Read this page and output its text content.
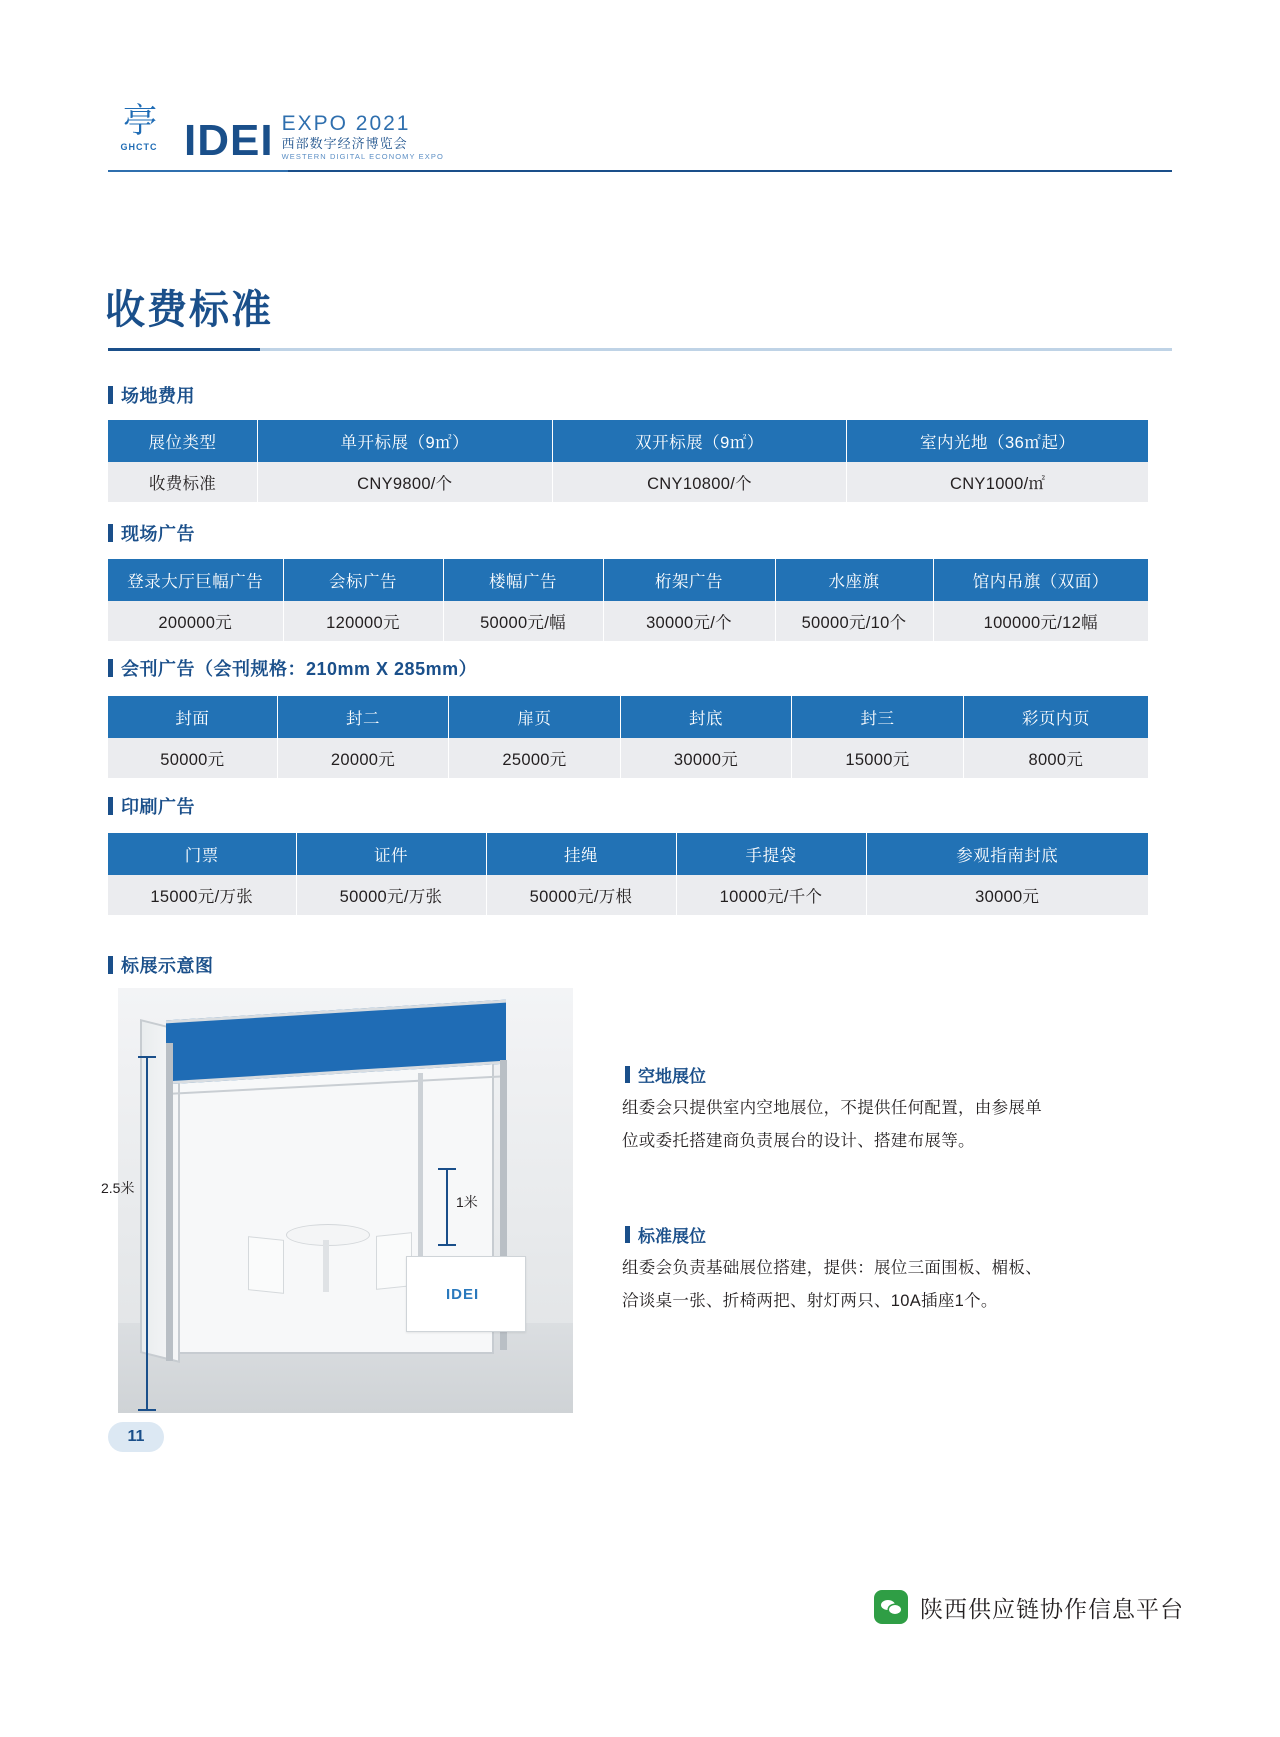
亭
GHCTC IDEI EXPO 2021
西部数字经济博览会
WESTERN DIGITAL ECONOMY EXPO
收费标准
场地费用
展位类型	单开标展（9㎡）	双开标展（9㎡）	室内光地（36㎡起）
收费标准	CNY9800/个	CNY10800/个	CNY1000/㎡
现场广告
登录大厅巨幅广告	会标广告	楼幅广告	桁架广告	水座旗	馆内吊旗（双面）
200000元	120000元	50000元/幅	30000元/个	50000元/10个	100000元/12幅
会刊广告（会刊规格：210mm X 285mm）
封面	封二	扉页	封底	封三	彩页内页
50000元	20000元	25000元	30000元	15000元	8000元
印刷广告
门票	证件	挂绳	手提袋	参观指南封底
15000元/万张	50000元/万张	50000元/万根	10000元/千个	30000元
标展示意图
IDEI
2.5米
1米
空地展位
组委会只提供室内空地展位，不提供任何配置，由参展单位或委托搭建商负责展台的设计、搭建布展等。
标准展位
组委会负责基础展位搭建，提供：展位三面围板、楣板、洽谈桌一张、折椅两把、射灯两只、10A插座1个。
11
陕西供应链协作信息平台
